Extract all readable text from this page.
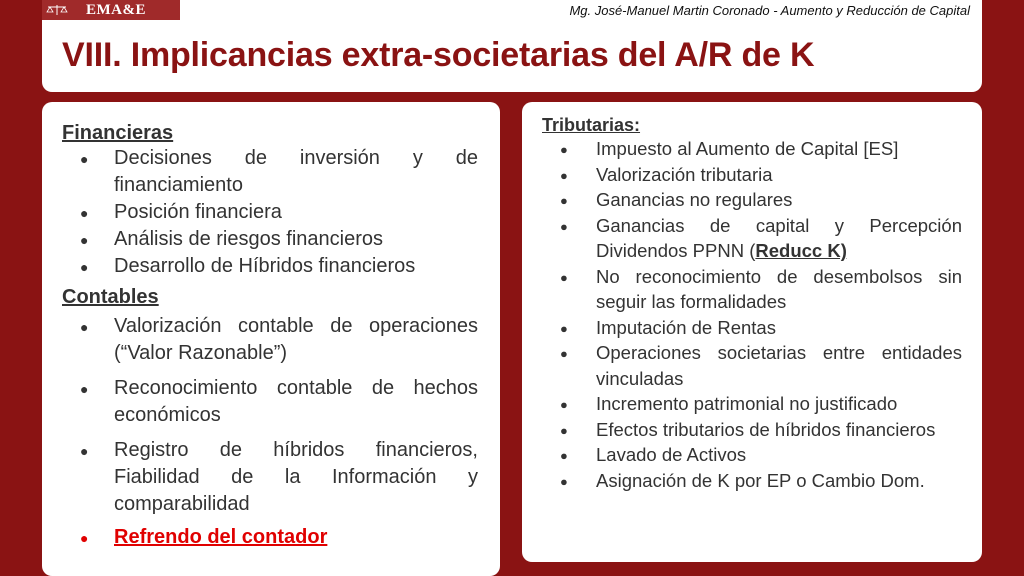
EMA&E	Mg. José-Manuel Martin Coronado - Aumento y Reducción de Capital
VIII. Implicancias extra-societarias del A/R de K

Financieras

● Decisiones de inversión y de financiamiento
● Posición financiera
● Análisis de riesgos financieros
● Desarrollo de Híbridos financieros

Contables

● Valorización contable de operaciones (“Valor Razonable”)
● Reconocimiento contable de hechos económicos
● Registro de híbridos financieros, Fiabilidad de la Información y comparabilidad
● Refrendo del contador

Tributarias:

● Impuesto al Aumento de Capital [ES]
● Valorización tributaria
● Ganancias no regulares
● Ganancias de capital y Percepción Dividendos PPNN (Reducc K)
● No reconocimiento de desembolsos sin seguir las formalidades
● Imputación de Rentas
● Operaciones societarias entre entidades vinculadas
● Incremento patrimonial no justificado
● Efectos tributarios de híbridos financieros
● Lavado de Activos
● Asignación de K por EP o Cambio Dom.
